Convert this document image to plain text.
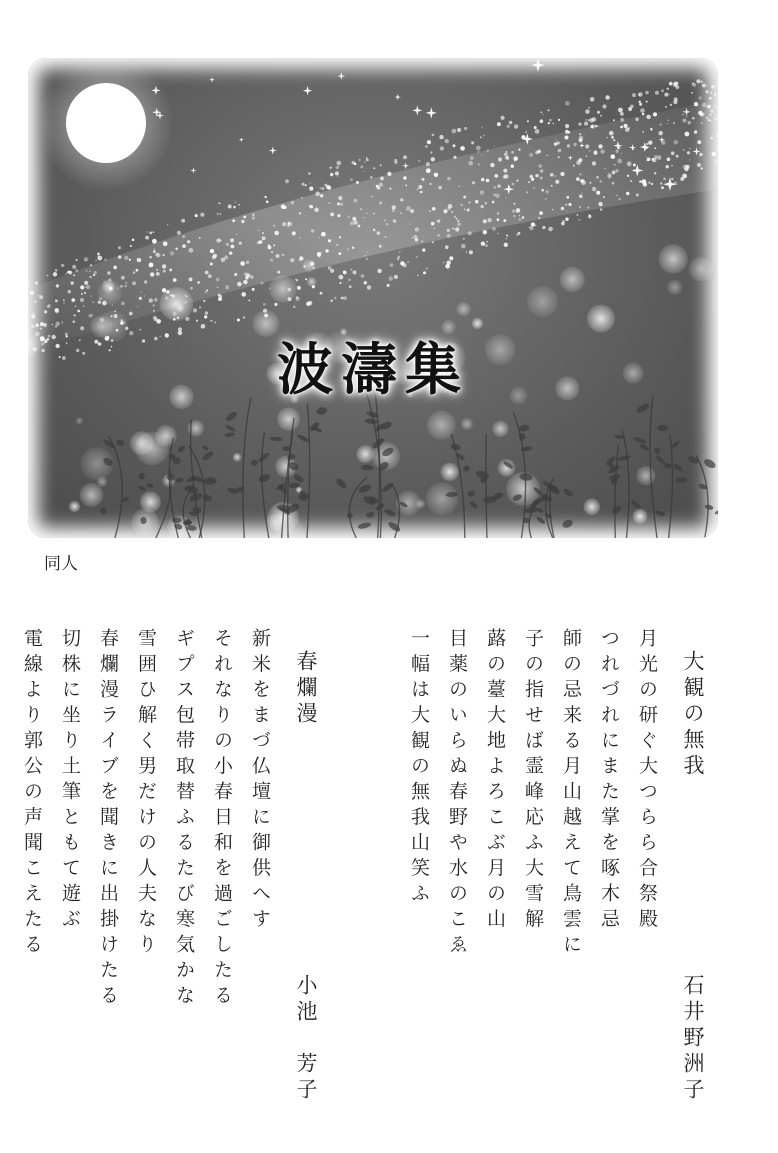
波濤集
同人
大観の無我
石井野洲子
月光の研ぐ大つらら合祭殿
つれづれにまた掌を啄木忌
師の忌来る月山越えて鳥雲に
子の指せば霊峰応ふ大雪解
蕗の薹大地よろこぶ月の山
目薬のいらぬ春野や水のこゑ
一幅は大観の無我山笑ふ
春爛漫
小池　芳子
新米をまづ仏壇に御供へす
それなりの小春日和を過ごしたる
ギプス包帯取替ふるたび寒気かな
雪囲ひ解く男だけの人夫なり
春爛漫ライブを聞きに出掛けたる
切株に坐り土筆ともて遊ぶ
電線より郭公の声聞こえたる
